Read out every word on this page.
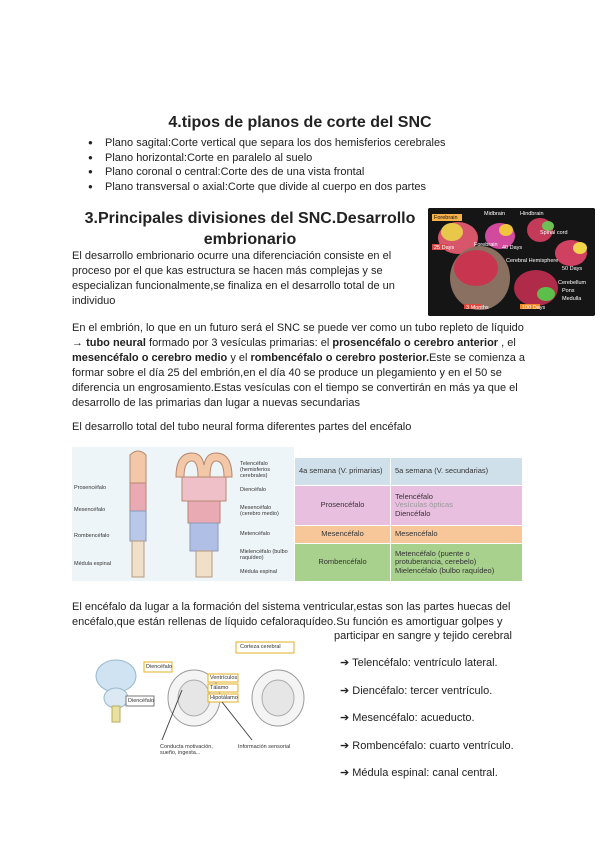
4.tipos de planos de corte del SNC
● Plano sagital:Corte vertical que separa los dos hemisferios cerebrales
● Plano horizontal:Corte en paralelo al suelo
● Plano coronal o central:Corte des de una vista frontal
● Plano transversal o axial:Corte que divide al cuerpo en dos partes
3.Principales divisiones del SNC.Desarrollo embrionario

El desarrollo embrionario ocurre una diferenciación consiste en el proceso por el que kas estructura se hacen más complejas y se especializan funcionalmente,se finaliza en el desarrollo total de un individuo

Forebrain
Midbrain	Hindbrain
Spinal cord
Forebrain
25 Days	40 Days
50 Days
Cerebral Hemisphere
Cerebellum
Pons
Medulla
3 Months	100 Days

En el embrión, lo que en un futuro será el SNC se puede ver como un tubo repleto de líquido → tubo neural formado por 3 vesículas primarias: el prosencéfalo o cerebro anterior , el mesencéfalo o cerebro medio y el rombencéfalo o cerebro posterior.Este se comienza a formar sobre el día 25 del embrión,en el día 40 se produce un plegamiento y en el 50 se diferencia un engrosamiento.Estas vesículas con el tiempo se convertirán en más ya que el desarrollo de las primarias dan lugar a nuevas secundarias

El desarrollo total del tubo neural forma diferentes partes del encéfalo

Prosencéfalo
Mesencéfalo
Rombencéfalo
Médula espinal
Telencéfalo (hemisferios cerebrales)
Diencéfalo
Mesencéfalo (cerebro medio)
Metencéfalo
Mielencéfalo (bulbo raquídeo)
Médula espinal
4a semana (V. primarias)	5a semana (V. secundarias)
Prosencéfalo	Telencéfalo
Vesículas ópticas
Diencéfalo

Mesencéfalo	Mesencéfalo
Rombencéfalo	Metencéfalo (puente o protuberancia, cerebelo)
Mielencéfalo (bulbo raquídeo)

El encéfalo da lugar a la formación del sistema ventricular,estas son las partes huecas del encéfalo,que están rellenas de líquido cefaloraquídeo.Su función es amortiguar golpes y

participar en sangre y tejido cerebral

Corteza cerebral
Diencéfalo
Ventrículos
Tálamo
Hipotálamo
Diencéfalo
Conducta motivación, sueño, ingesta...
Información sensorial
➔ Telencéfalo: ventrículo lateral.
➔ Diencéfalo: tercer ventrículo.
➔ Mesencéfalo: acueducto.
➔ Rombencéfalo: cuarto ventrículo.
➔ Médula espinal: canal central.
